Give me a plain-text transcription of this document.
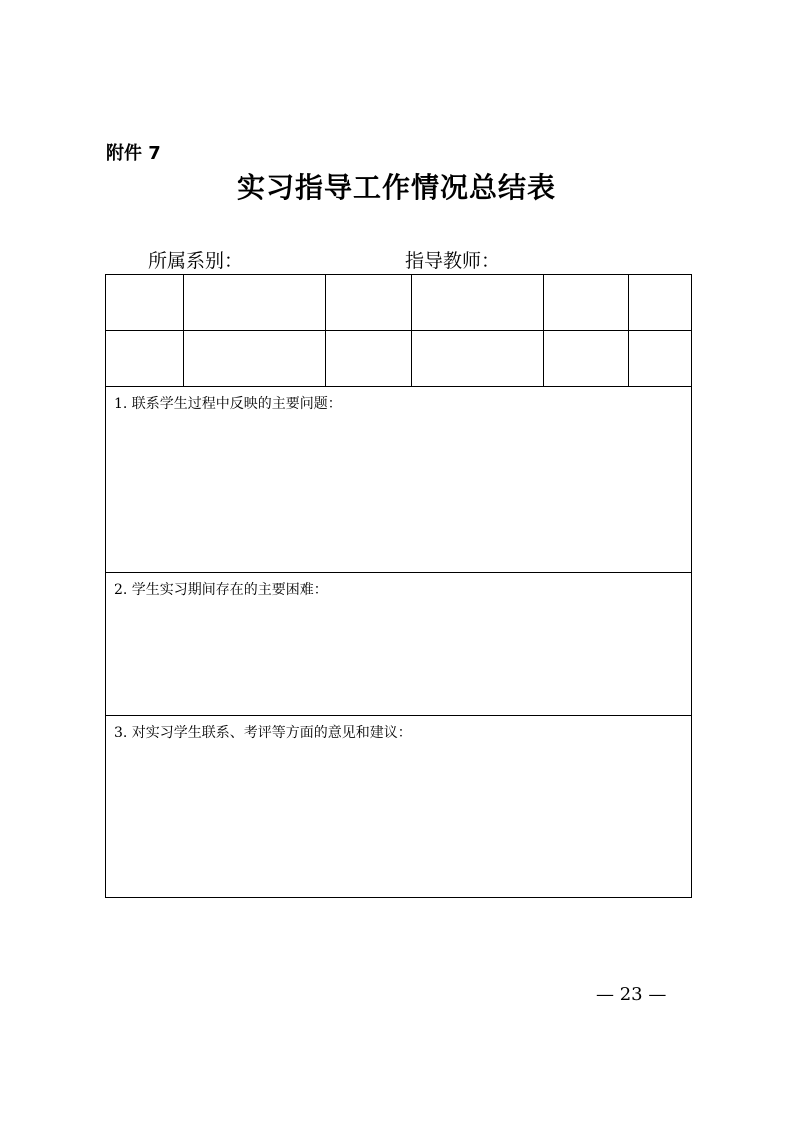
附件 7
实习指导工作情况总结表
所属系别：	指导教师：
1. 联系学生过程中反映的主要问题：
2. 学生实习期间存在的主要困难：
3. 对实习学生联系、考评等方面的意见和建议：
— 23 —
